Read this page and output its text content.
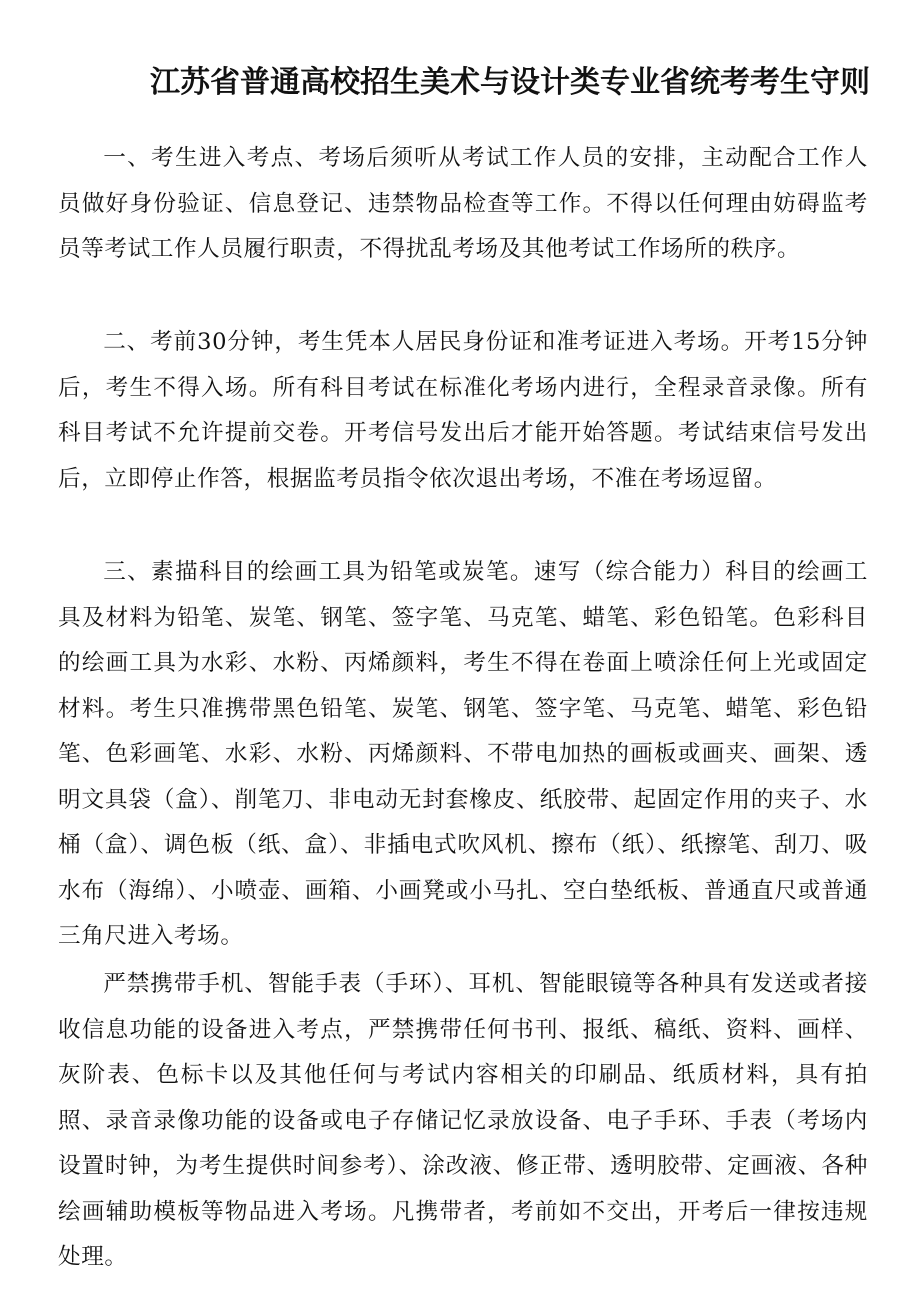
江苏省普通高校招生美术与设计类专业省统考考生守则

一、考生进入考点、考场后须听从考试工作人员的安排，主动配合工作人员做好身份验证、信息登记、违禁物品检查等工作。不得以任何理由妨碍监考员等考试工作人员履行职责，不得扰乱考场及其他考试工作场所的秩序。

二、考前30分钟，考生凭本人居民身份证和准考证进入考场。开考15分钟后，考生不得入场。所有科目考试在标准化考场内进行，全程录音录像。所有科目考试不允许提前交卷。开考信号发出后才能开始答题。考试结束信号发出后，立即停止作答，根据监考员指令依次退出考场，不准在考场逗留。

三、素描科目的绘画工具为铅笔或炭笔。速写（综合能力）科目的绘画工具及材料为铅笔、炭笔、钢笔、签字笔、马克笔、蜡笔、彩色铅笔。色彩科目的绘画工具为水彩、水粉、丙烯颜料，考生不得在卷面上喷涂任何上光或固定材料。考生只准携带黑色铅笔、炭笔、钢笔、签字笔、马克笔、蜡笔、彩色铅笔、色彩画笔、水彩、水粉、丙烯颜料、不带电加热的画板或画夹、画架、透明文具袋（盒）、削笔刀、非电动无封套橡皮、纸胶带、起固定作用的夹子、水桶（盒）、调色板（纸、盒）、非插电式吹风机、擦布（纸）、纸擦笔、刮刀、吸水布（海绵）、小喷壶、画箱、小画凳或小马扎、空白垫纸板、普通直尺或普通三角尺进入考场。

严禁携带手机、智能手表（手环）、耳机、智能眼镜等各种具有发送或者接收信息功能的设备进入考点，严禁携带任何书刊、报纸、稿纸、资料、画样、灰阶表、色标卡以及其他任何与考试内容相关的印刷品、纸质材料，具有拍照、录音录像功能的设备或电子存储记忆录放设备、电子手环、手表（考场内设置时钟，为考生提供时间参考）、涂改液、修正带、透明胶带、定画液、各种绘画辅助模板等物品进入考场。凡携带者，考前如不交出，开考后一律按违规处理。
